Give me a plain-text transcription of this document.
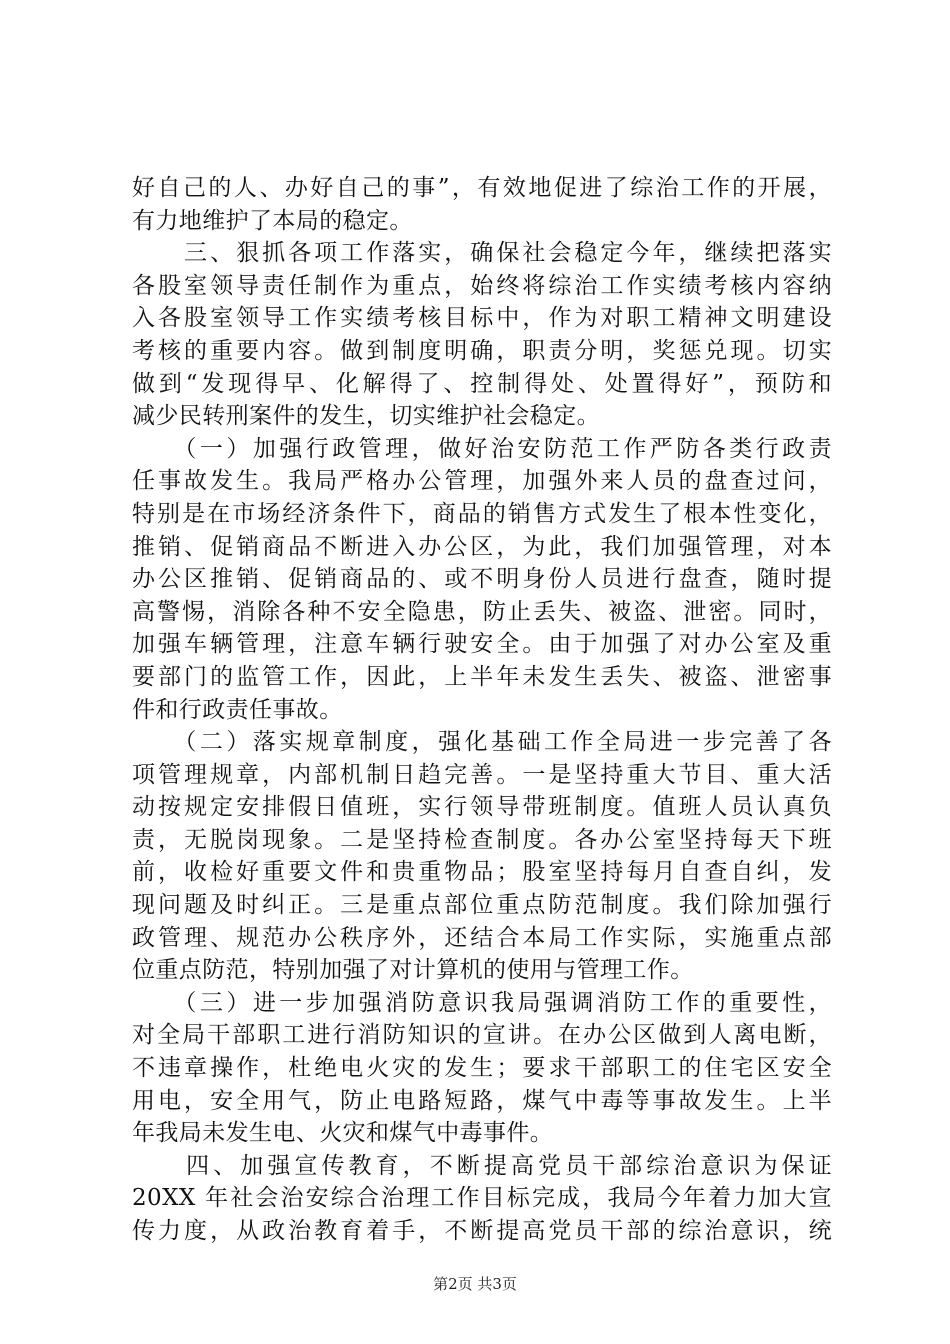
好自己的人、办好自己的事”，有效地促进了综治工作的开展，
有力地维护了本局的稳定。
　　三、狠抓各项工作落实，确保社会稳定今年，继续把落实
各股室领导责任制作为重点，始终将综治工作实绩考核内容纳
入各股室领导工作实绩考核目标中，作为对职工精神文明建设
考核的重要内容。做到制度明确，职责分明，奖惩兑现。切实
做到“发现得早、化解得了、控制得处、处置得好”，预防和
减少民转刑案件的发生，切实维护社会稳定。
　　（一）加强行政管理，做好治安防范工作严防各类行政责
任事故发生。我局严格办公管理，加强外来人员的盘查过问，
特别是在市场经济条件下，商品的销售方式发生了根本性变化，
推销、促销商品不断进入办公区，为此，我们加强管理，对本
办公区推销、促销商品的、或不明身份人员进行盘查，随时提
高警惕，消除各种不安全隐患，防止丢失、被盗、泄密。同时，
加强车辆管理，注意车辆行驶安全。由于加强了对办公室及重
要部门的监管工作，因此，上半年未发生丢失、被盗、泄密事
件和行政责任事故。
　　（二）落实规章制度，强化基础工作全局进一步完善了各
项管理规章，内部机制日趋完善。一是坚持重大节目、重大活
动按规定安排假日值班，实行领导带班制度。值班人员认真负
责，无脱岗现象。二是坚持检查制度。各办公室坚持每天下班
前，收检好重要文件和贵重物品；股室坚持每月自查自纠，发
现问题及时纠正。三是重点部位重点防范制度。我们除加强行
政管理、规范办公秩序外，还结合本局工作实际，实施重点部
位重点防范，特别加强了对计算机的使用与管理工作。
　　（三）进一步加强消防意识我局强调消防工作的重要性，
对全局干部职工进行消防知识的宣讲。在办公区做到人离电断，
不违章操作，杜绝电火灾的发生；要求干部职工的住宅区安全
用电，安全用气，防止电路短路，煤气中毒等事故发生。上半
年我局未发生电、火灾和煤气中毒事件。
　　四、加强宣传教育，不断提高党员干部综治意识为保证
20XX 年社会治安综合治理工作目标完成，我局今年着力加大宣
传力度，从政治教育着手，不断提高党员干部的综治意识，统
第2页 共3页
